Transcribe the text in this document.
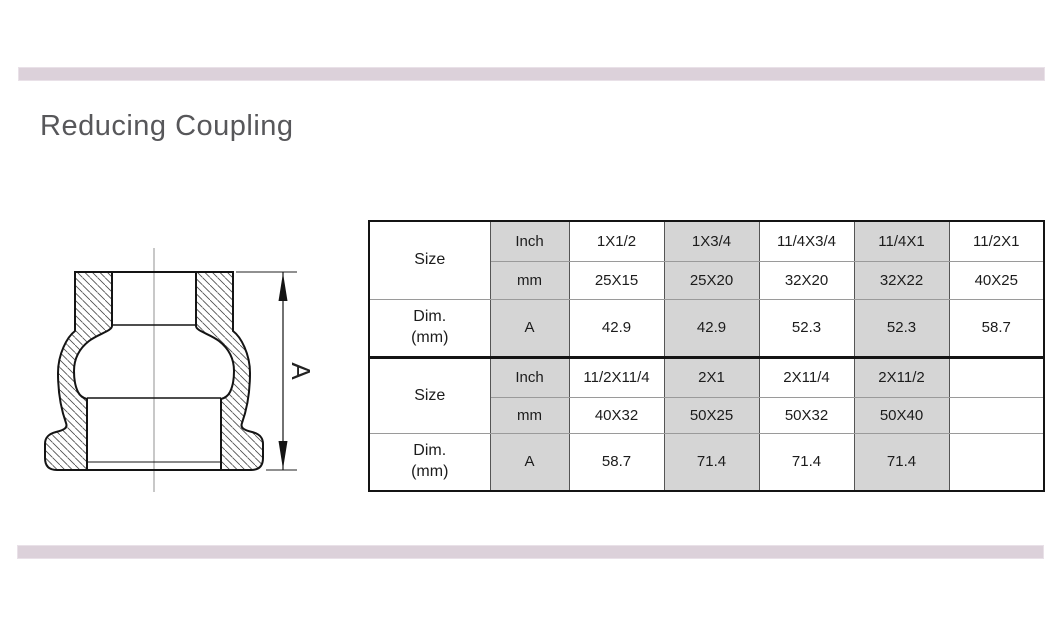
Reducing Coupling
A
Size	Inch	1X1/2	1X3/4	11/4X3/4	11/4X1	11/2X1
	mm	25X15	25X20	32X20	32X22	40X25

Dim.
(mm)	A	42.9	42.9	52.3	52.3	58.7
Size	Inch	11/2X11/4	2X1	2X11/4	2X11/2	
	mm	40X32	50X25	50X32	50X40	

Dim.
(mm)	A	58.7	71.4	71.4	71.4	
